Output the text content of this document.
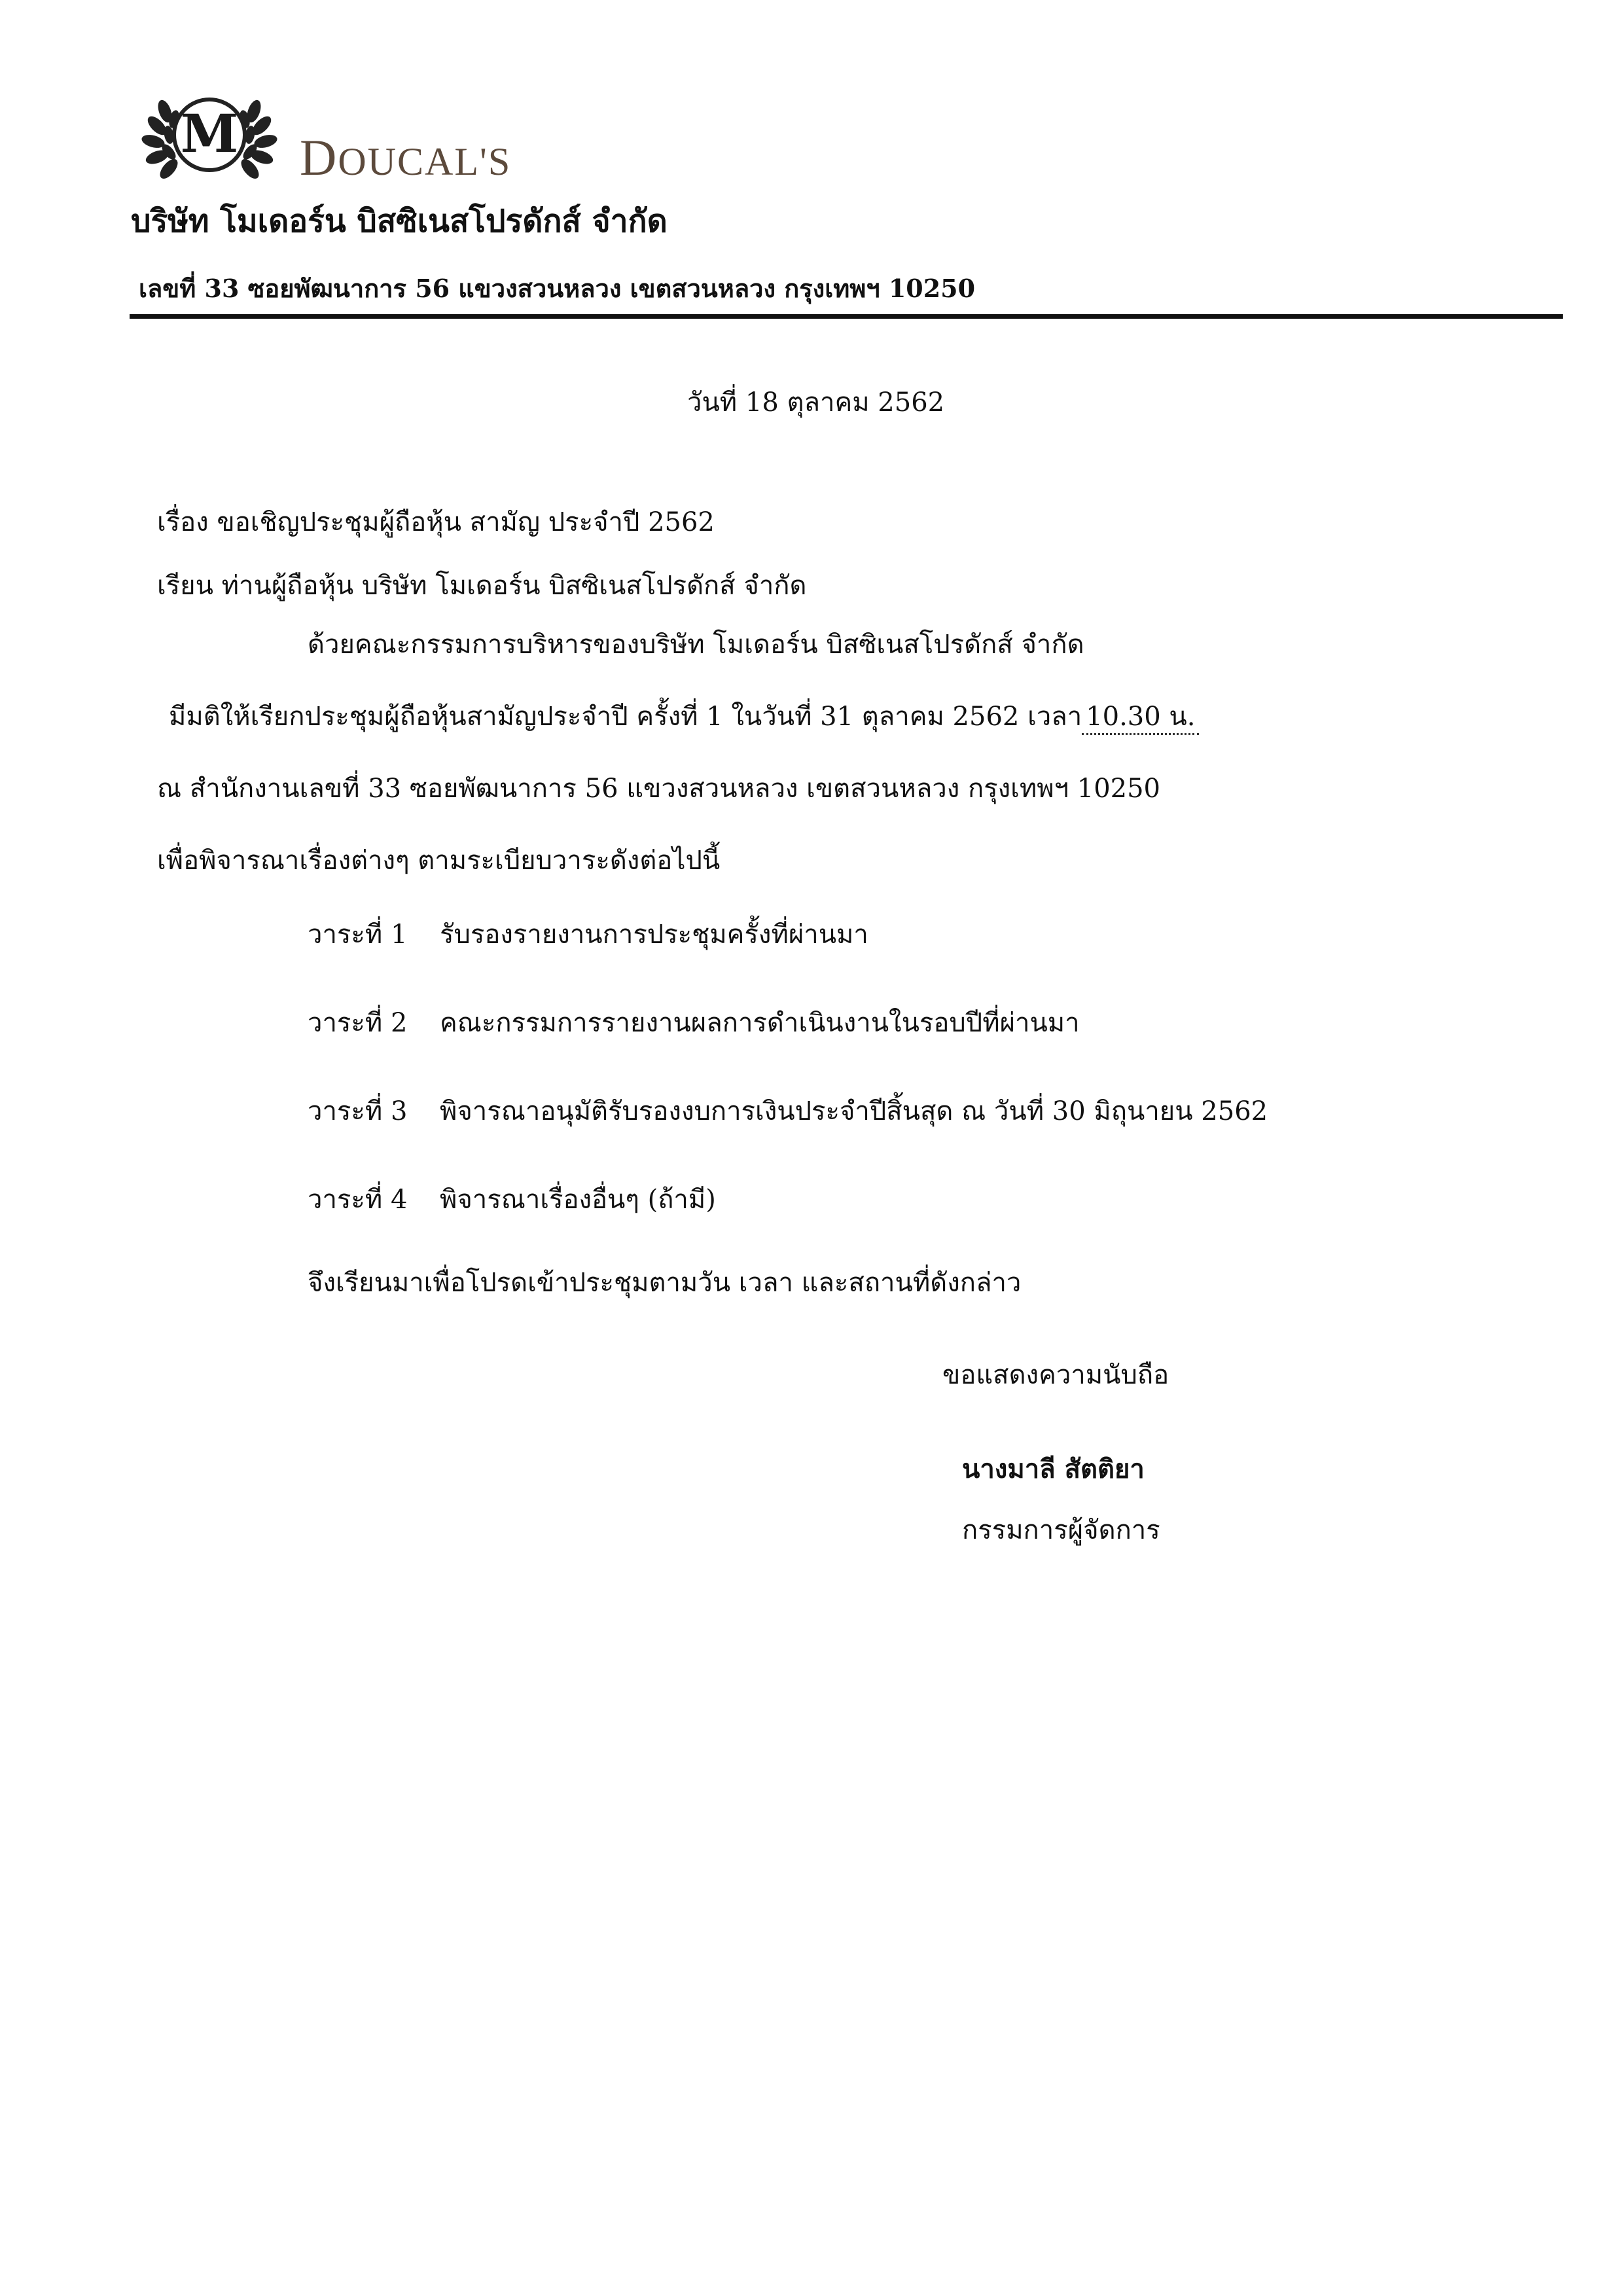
M DOUCAL'S
บริษัท โมเดอร์น บิสซิเนสโปรดักส์ จำกัด
เลขที่ 33 ซอยพัฒนาการ 56 แขวงสวนหลวง เขตสวนหลวง กรุงเทพฯ 10250
วันที่ 18 ตุลาคม 2562
เรื่อง ขอเชิญประชุมผู้ถือหุ้น สามัญ ประจำปี 2562
เรียน ท่านผู้ถือหุ้น บริษัท โมเดอร์น บิสซิเนสโปรดักส์ จำกัด
ด้วยคณะกรรมการบริหารของบริษัท โมเดอร์น บิสซิเนสโปรดักส์ จำกัด
มีมติให้เรียกประชุมผู้ถือหุ้นสามัญประจำปี ครั้งที่ 1 ในวันที่ 31 ตุลาคม 2562 เวลา 10.30 น.
ณ สำนักงานเลขที่ 33 ซอยพัฒนาการ 56 แขวงสวนหลวง เขตสวนหลวง กรุงเทพฯ 10250
เพื่อพิจารณาเรื่องต่างๆ ตามระเบียบวาระดังต่อไปนี้
วาระที่ 1 รับรองรายงานการประชุมครั้งที่ผ่านมา
วาระที่ 2 คณะกรรมการรายงานผลการดำเนินงานในรอบปีที่ผ่านมา
วาระที่ 3 พิจารณาอนุมัติรับรองงบการเงินประจำปีสิ้นสุด ณ วันที่ 30 มิถุนายน 2562
วาระที่ 4 พิจารณาเรื่องอื่นๆ (ถ้ามี)
จึงเรียนมาเพื่อโปรดเข้าประชุมตามวัน เวลา และสถานที่ดังกล่าว
ขอแสดงความนับถือ
นางมาลี สัตติยา
กรรมการผู้จัดการ
